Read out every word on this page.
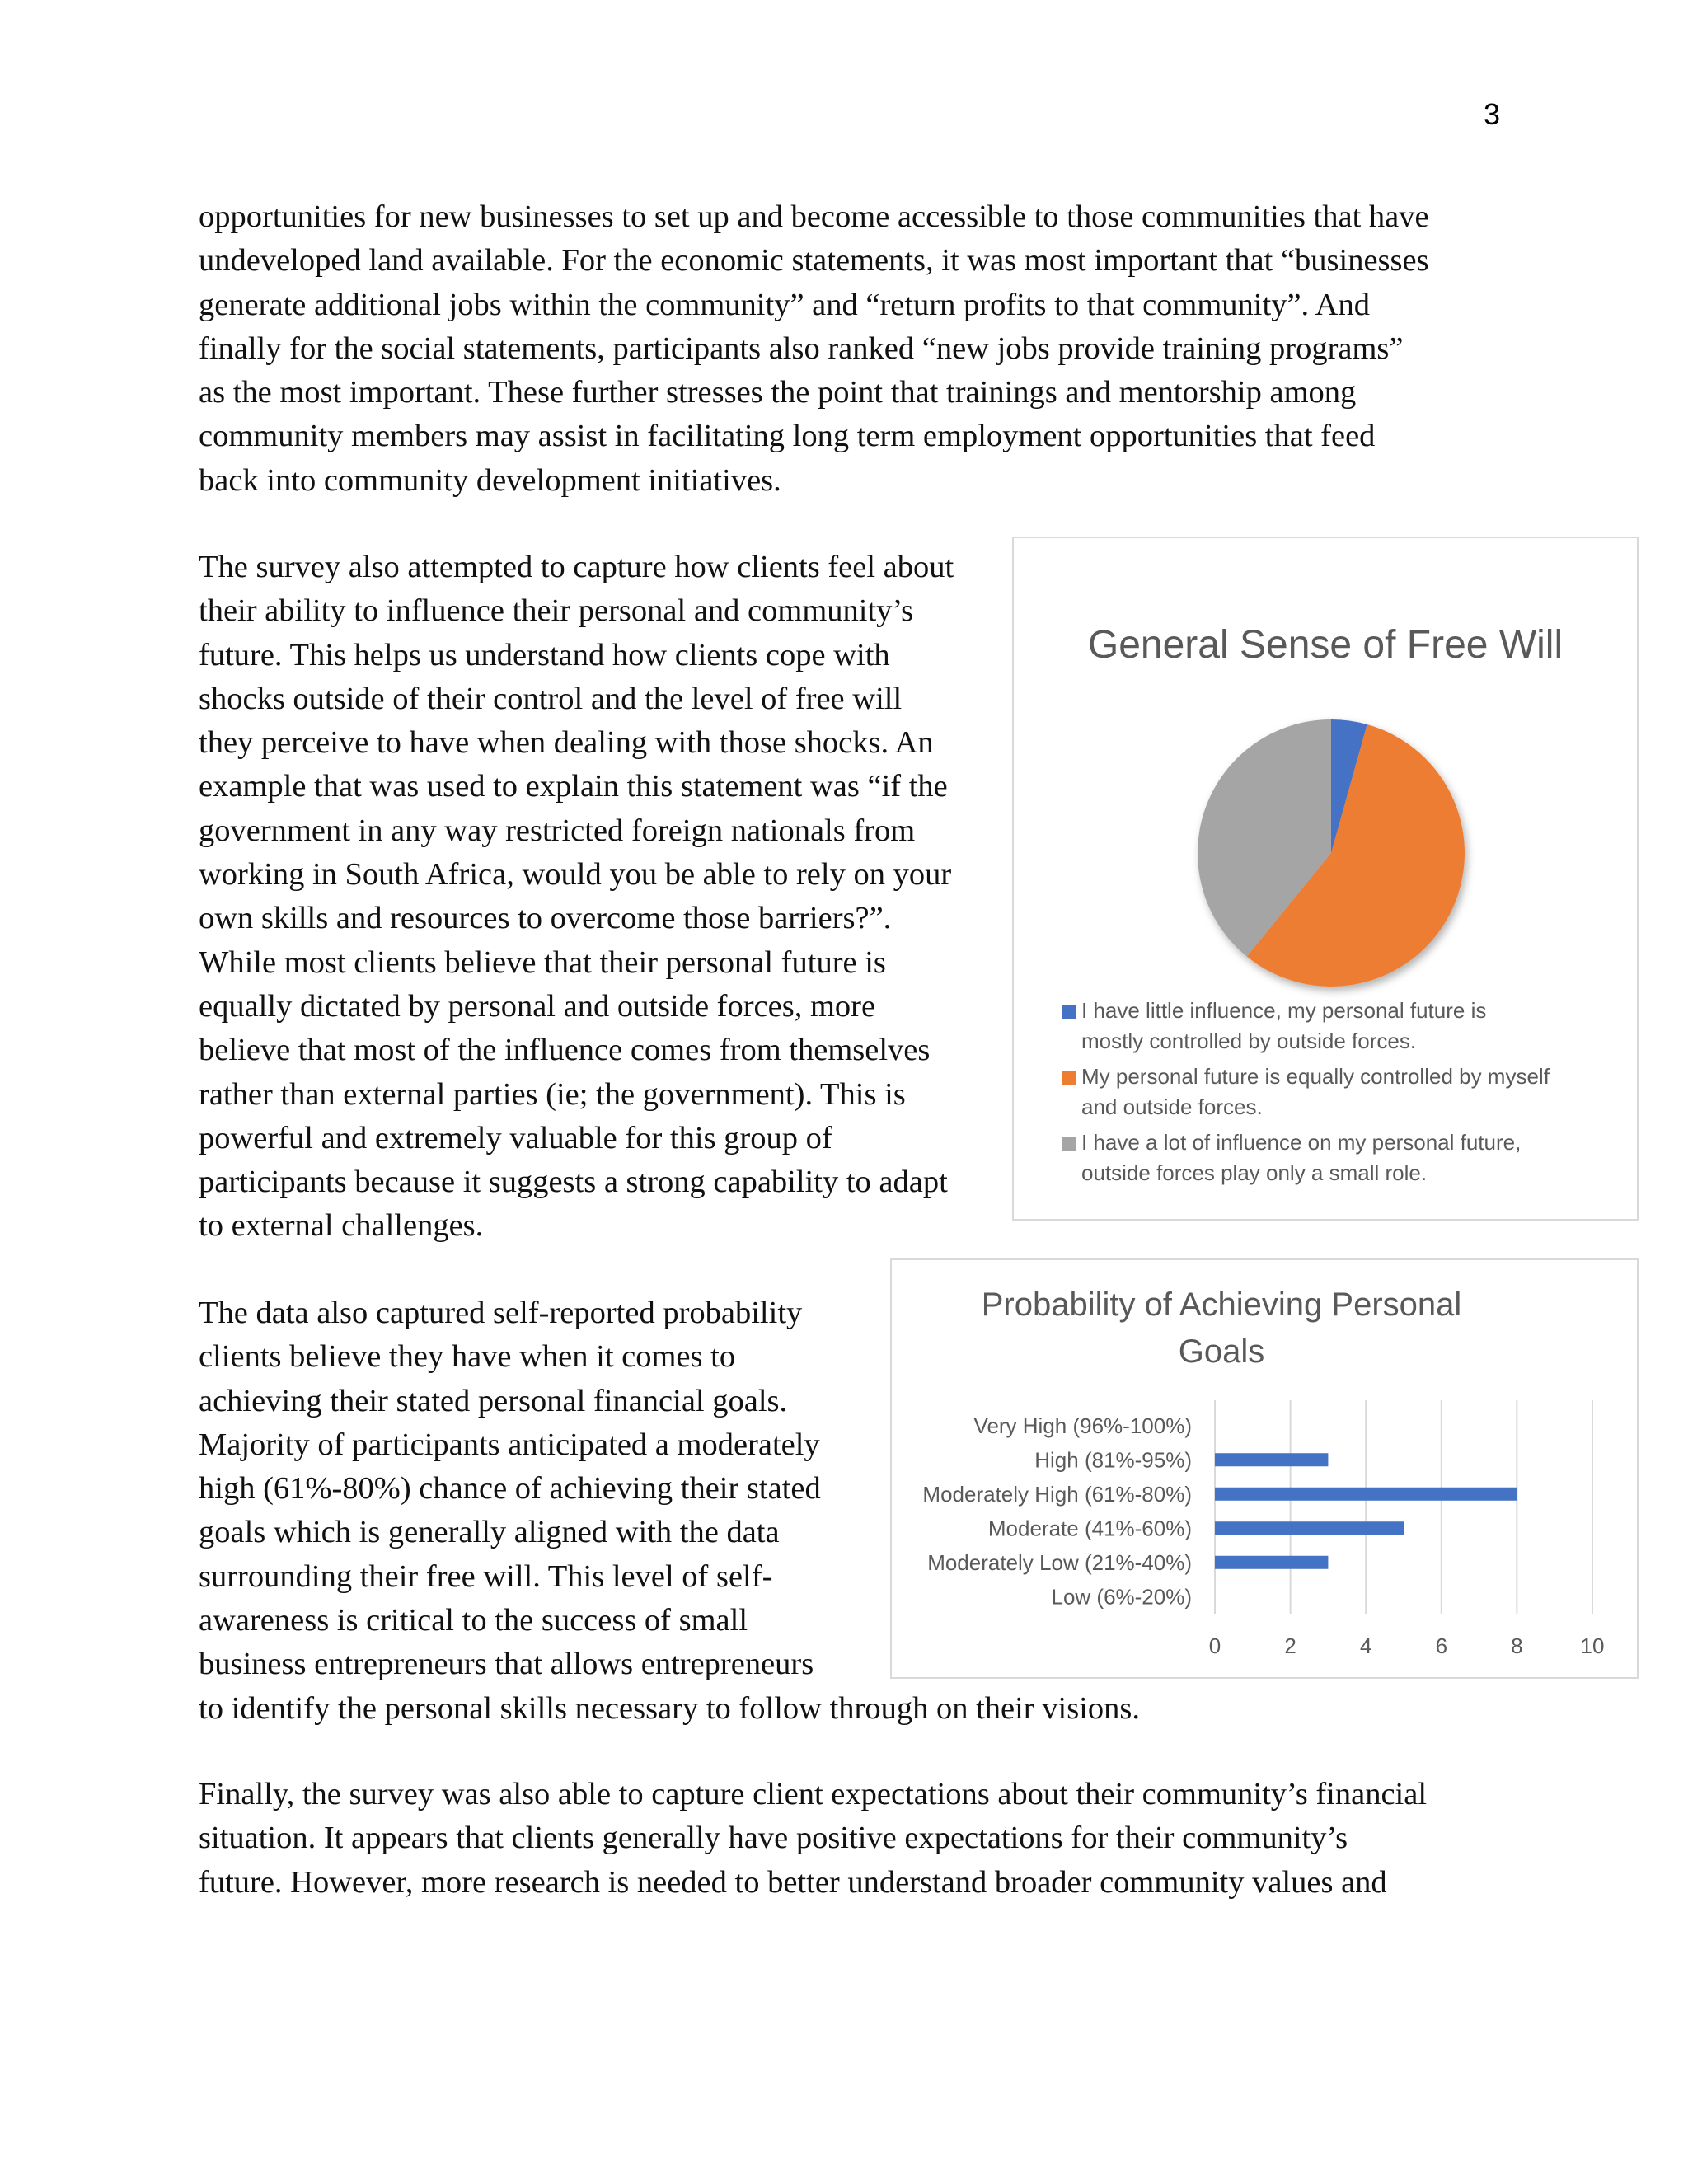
3
opportunities for new businesses to set up and become accessible to those communities that have
undeveloped land available. For the economic statements, it was most important that “businesses
generate additional jobs within the community” and “return profits to that community”. And
finally for the social statements, participants also ranked “new jobs provide training programs”
as the most important. These further stresses the point that trainings and mentorship among
community members may assist in facilitating long term employment opportunities that feed
back into community development initiatives.
The survey also attempted to capture how clients feel about
their ability to influence their personal and community’s
future. This helps us understand how clients cope with
shocks outside of their control and the level of free will
they perceive to have when dealing with those shocks. An
example that was used to explain this statement was “if the
government in any way restricted foreign nationals from
working in South Africa, would you be able to rely on your
own skills and resources to overcome those barriers?”.
While most clients believe that their personal future is
equally dictated by personal and outside forces, more
believe that most of the influence comes from themselves
rather than external parties (ie; the government). This is
powerful and extremely valuable for this group of
participants because it suggests a strong capability to adapt
to external challenges.
The data also captured self-reported probability
clients believe they have when it comes to
achieving their stated personal financial goals.
Majority of participants anticipated a moderately
high (61%-80%) chance of achieving their stated
goals which is generally aligned with the data
surrounding their free will. This level of self-
awareness is critical to the success of small
business entrepreneurs that allows entrepreneurs
to identify the personal skills necessary to follow through on their visions.
Finally, the survey was also able to capture client expectations about their community’s financial
situation. It appears that clients generally have positive expectations for their community’s
future. However, more research is needed to better understand broader community values and
General Sense of Free Will
I have little influence, my personal future is
mostly controlled by outside forces.
My personal future is equally controlled by myself
and outside forces.
I have a lot of influence on my personal future,
outside forces play only a small role.
Probability of Achieving Personal Goals
0	2	4	6	8	10
Very High (96%-100%)
High (81%-95%)
Moderately High (61%-80%)
Moderate (41%-60%)
Moderately Low (21%-40%)
Low (6%-20%)
